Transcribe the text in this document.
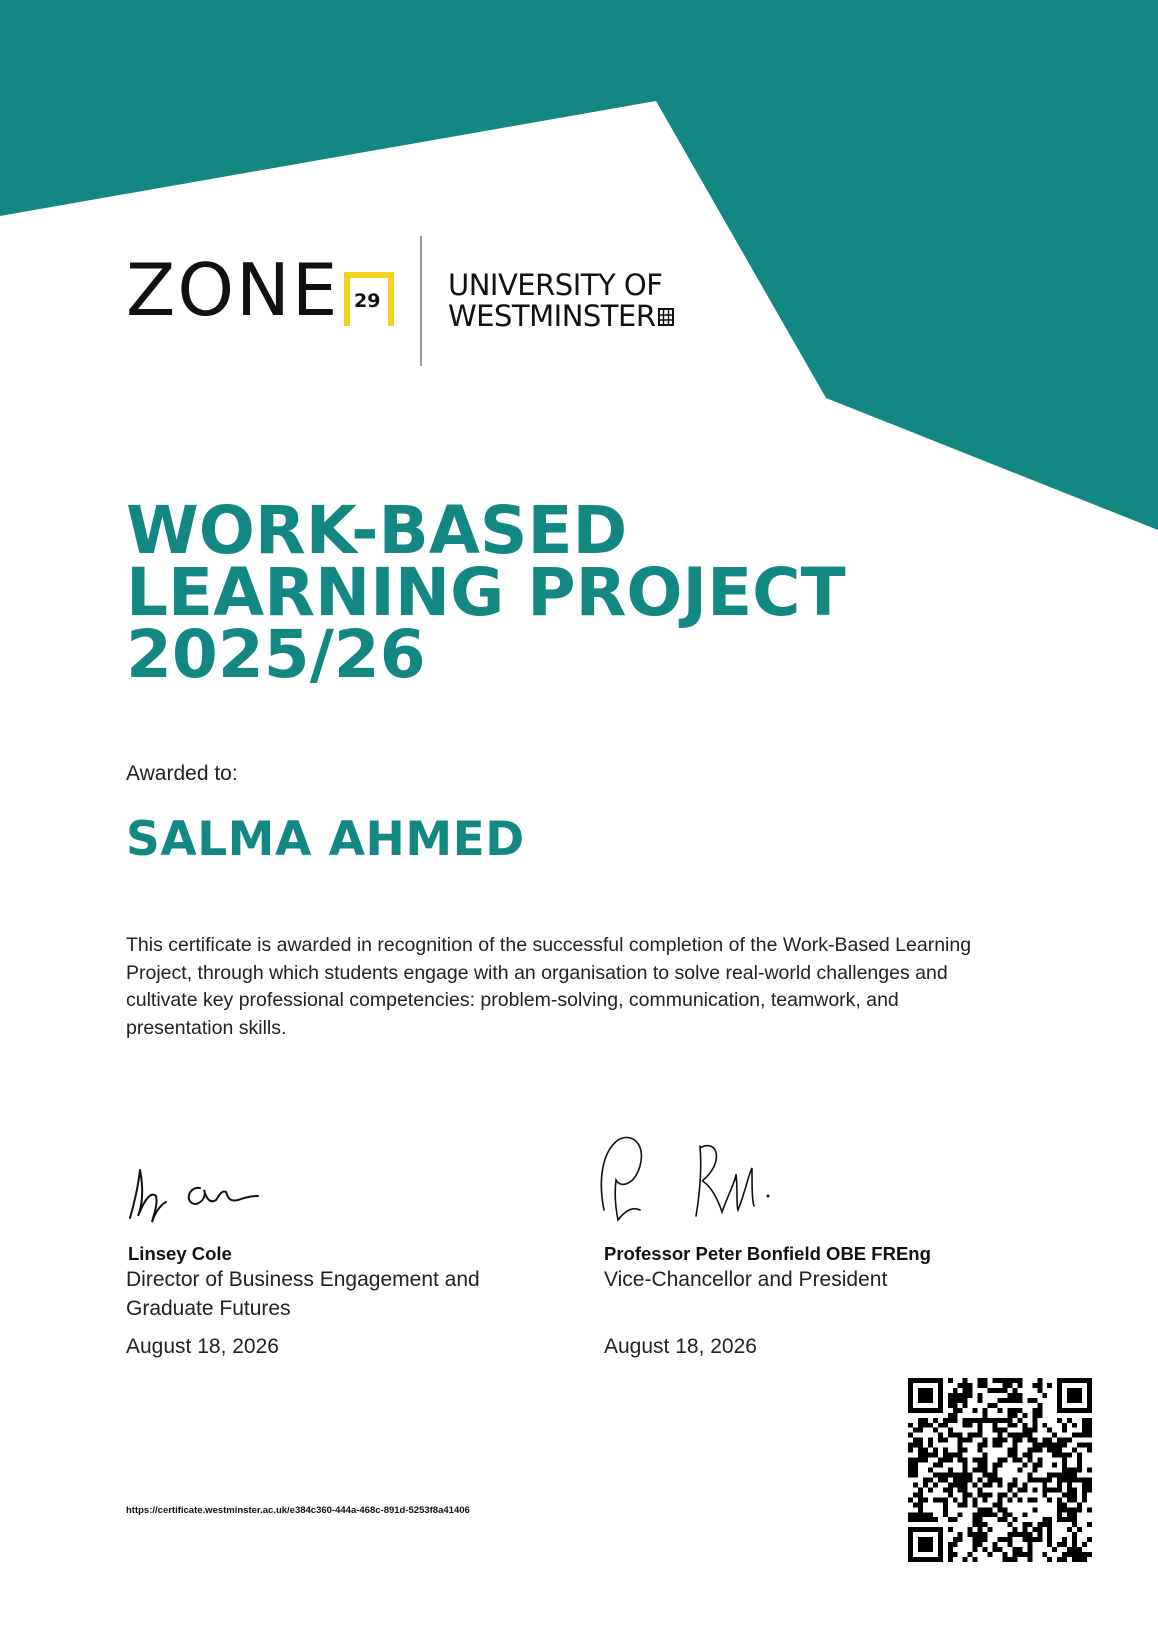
ZONE 29 UNIVERSITY OF
WESTMINSTER
WORK-BASED
LEARNING PROJECT
2025/26
Awarded to:
SALMA AHMED
This certificate is awarded in recognition of the successful completion of the Work-Based Learning Project, through which students engage with an organisation to solve real-world challenges and cultivate key professional competencies: problem-solving, communication, teamwork, and presentation skills.
Linsey Cole
Director of Business Engagement and
Graduate Futures
August 18, 2026
Professor Peter Bonfield OBE FREng
Vice-Chancellor and President
August 18, 2026
https://certificate.westminster.ac.uk/e384c360-444a-468c-891d-5253f8a41406
